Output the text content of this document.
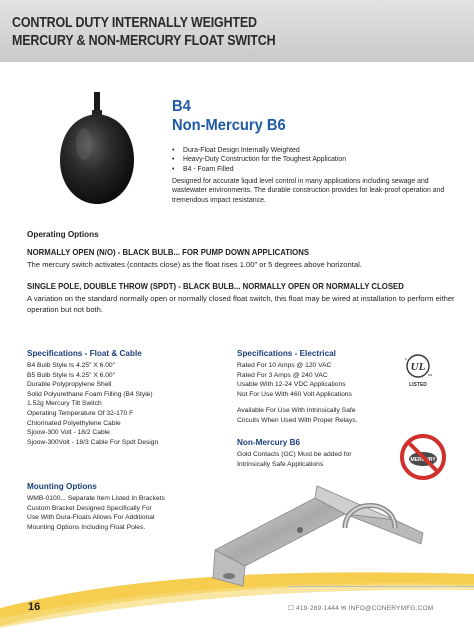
CONTROL DUTY INTERNALLY WEIGHTED
MERCURY & NON-MERCURY FLOAT SWITCH
B4
Non-Mercury B6
• Dura-Float Design Internally Weighted
• Heavy-Duty Construction for the Toughest Application
• B4 - Foam Filled
Designed for accurate liquid level control in many applications including sewage and wastewater environments. The durable construction provides for leak-proof operation and tremendous impact resistance.
Operating Options
NORMALLY OPEN (N/O) - BLACK BULB... FOR PUMP DOWN APPLICATIONS
The mercury switch activates (contacts close) as the float rises 1.00" or 5 degrees above horizontal.
SINGLE POLE, DOUBLE THROW (SPDT) - BLACK BULB... NORMALLY OPEN OR NORMALLY CLOSED
A variation on the standard normally open or normally closed float switch, this float may be wired at installation to perform either operation but not both.
Specifications - Float & Cable
B4 Bulb Style Is 4.25" X 6.00"
B5 Bulb Style Is 4.25" X 6.00"
Durable Polypropylene Shell
Solid Polyurethane Foam Filling (B4 Style)
1.52g Mercury Tilt Switch
Operating Temperature Of 32-170 F
Chlorinated Polyethylene Cable
Sjoow-300 Volt - 18/2 Cable
Sjoow-300Volt - 18/3 Cable For Spdt Design
Specifications - Electrical
Rated For 10 Amps @ 120 VAC
Rated For 3 Amps @ 240 VAC
Usable With 12-24 VDC Applications
Not For Use With 460 Volt Applications
Available For Use With Intrinsically Safe
Circuits When Used With Proper Relays.
UL
c
us
LISTED
Non-Mercury B6
Gold Contacts (GC) Must be added for
Intrinsically Safe Applications
MERCURY
Mounting Options
WMB-0100... Separate Item Listed In Brackets
Custom Bracket Designed Specifically For
Use With Dura-Floats Allows For Additional
Mounting Options Including Float Poles.
16	☐ 419·289·1444 ✉ INFO@CONERYMFG.COM
